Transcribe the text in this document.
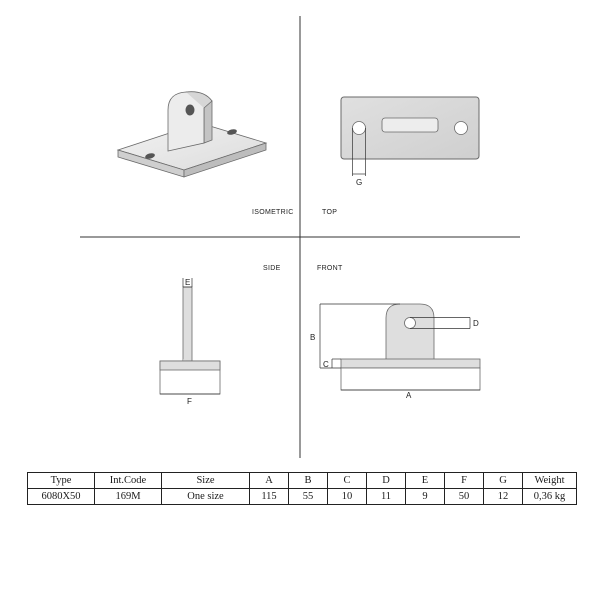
ISOMETRIC	TOP
SIDE	FRONT
G
E
F
B
C
D
A
Type	Int.Code	Size	A	B	C	D	E	F	G	Weight
6080X50	169M	One size	115	55	10	11	9	50	12	0,36 kg
